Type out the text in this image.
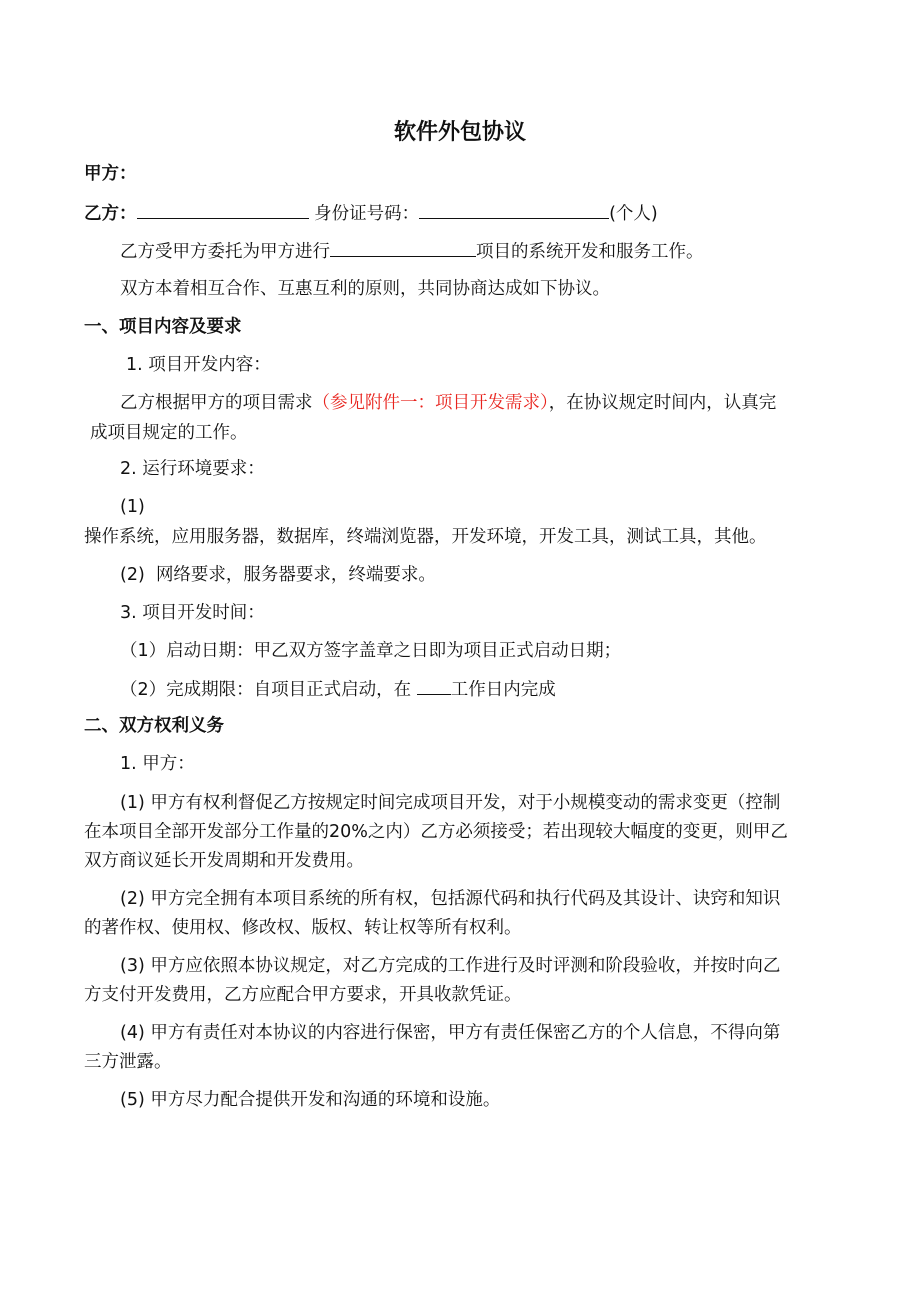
软件外包协议
甲方：
乙方：	身份证号码：	(个人)
乙方受甲方委托为甲方进行	项目的系统开发和服务工作。
双方本着相互合作、互惠互利的原则，共同协商达成如下协议。
一、项目内容及要求
1. 项目开发内容：
乙方根据甲方的项目需求（参见附件一：项目开发需求），在协议规定时间内，认真完
成项目规定的工作。
2. 运行环境要求：
(1)
操作系统，应用服务器，数据库，终端浏览器，开发环境，开发工具，测试工具，其他。
(2) 网络要求，服务器要求，终端要求。
3. 项目开发时间：
（1）启动日期：甲乙双方签字盖章之日即为项目正式启动日期；
（2）完成期限：自项目正式启动，在 工作日内完成
二、双方权利义务
1. 甲方：
(1) 甲方有权利督促乙方按规定时间完成项目开发，对于小规模变动的需求变更（控制
在本项目全部开发部分工作量的20%之内）乙方必须接受；若出现较大幅度的变更，则甲乙
双方商议延长开发周期和开发费用。
(2) 甲方完全拥有本项目系统的所有权，包括源代码和执行代码及其设计、诀窍和知识
的著作权、使用权、修改权、版权、转让权等所有权利。
(3) 甲方应依照本协议规定，对乙方完成的工作进行及时评测和阶段验收，并按时向乙
方支付开发费用，乙方应配合甲方要求，开具收款凭证。
(4) 甲方有责任对本协议的内容进行保密，甲方有责任保密乙方的个人信息，不得向第
三方泄露。
(5) 甲方尽力配合提供开发和沟通的环境和设施。
